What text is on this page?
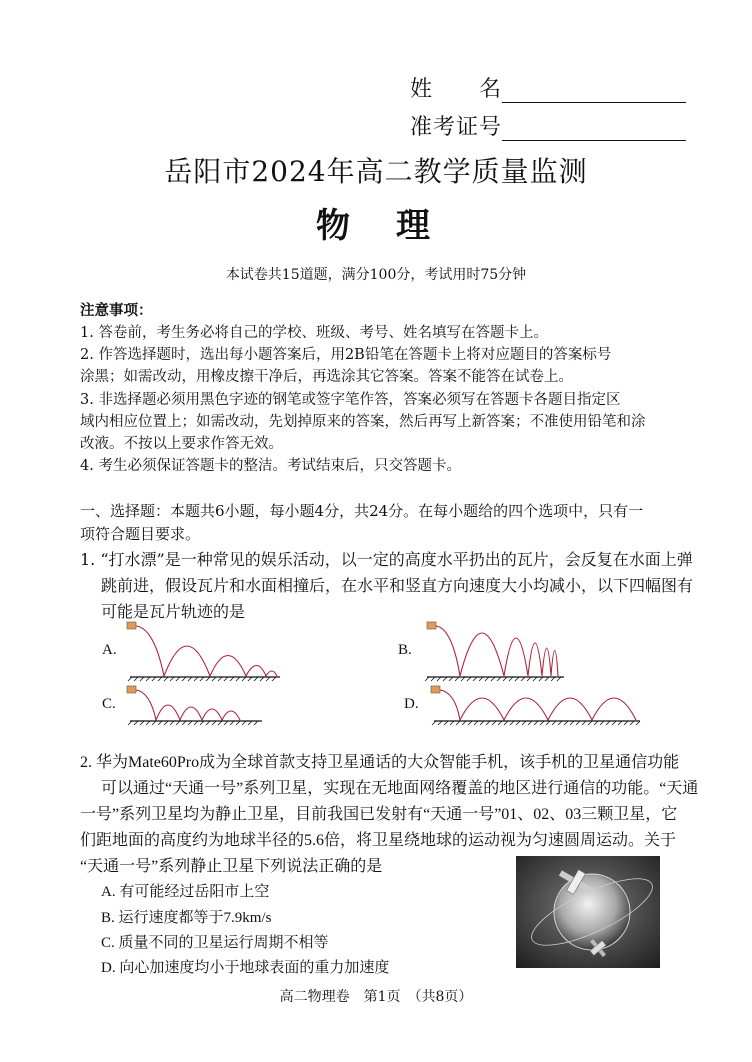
姓　　名
准考证号
岳阳市2024年高二教学质量监测
物　理
本试卷共15道题，满分100分，考试用时75分钟
注意事项：
1. 答卷前，考生务必将自己的学校、班级、考号、姓名填写在答题卡上。
2. 作答选择题时，选出每小题答案后，用2B铅笔在答题卡上将对应题目的答案标号
涂黑；如需改动，用橡皮擦干净后，再选涂其它答案。答案不能答在试卷上。
3. 非选择题必须用黑色字迹的钢笔或签字笔作答，答案必须写在答题卡各题目指定区
域内相应位置上；如需改动，先划掉原来的答案，然后再写上新答案；不准使用铅笔和涂
改液。不按以上要求作答无效。
4. 考生必须保证答题卡的整洁。考试结束后，只交答题卡。
一、选择题：本题共6小题，每小题4分，共24分。在每小题给的四个选项中，只有一
项符合题目要求。
1. “打水漂”是一种常见的娱乐活动，以一定的高度水平扔出的瓦片，会反复在水面上弹
跳前进，假设瓦片和水面相撞后，在水平和竖直方向速度大小均减小，以下四幅图有
可能是瓦片轨迹的是
A.	B.
C.	D.
2. 华为Mate60Pro成为全球首款支持卫星通话的大众智能手机，该手机的卫星通信功能
可以通过“天通一号”系列卫星，实现在无地面网络覆盖的地区进行通信的功能。“天通
一号”系列卫星均为静止卫星，目前我国已发射有“天通一号”01、02、03三颗卫星，它
们距地面的高度约为地球半径的5.6倍，将卫星绕地球的运动视为匀速圆周运动。关于
“天通一号”系列静止卫星下列说法正确的是
A. 有可能经过岳阳市上空
B. 运行速度都等于7.9km/s
C. 质量不同的卫星运行周期不相等
D. 向心加速度均小于地球表面的重力加速度
高二物理卷　第1页　（共8页）
